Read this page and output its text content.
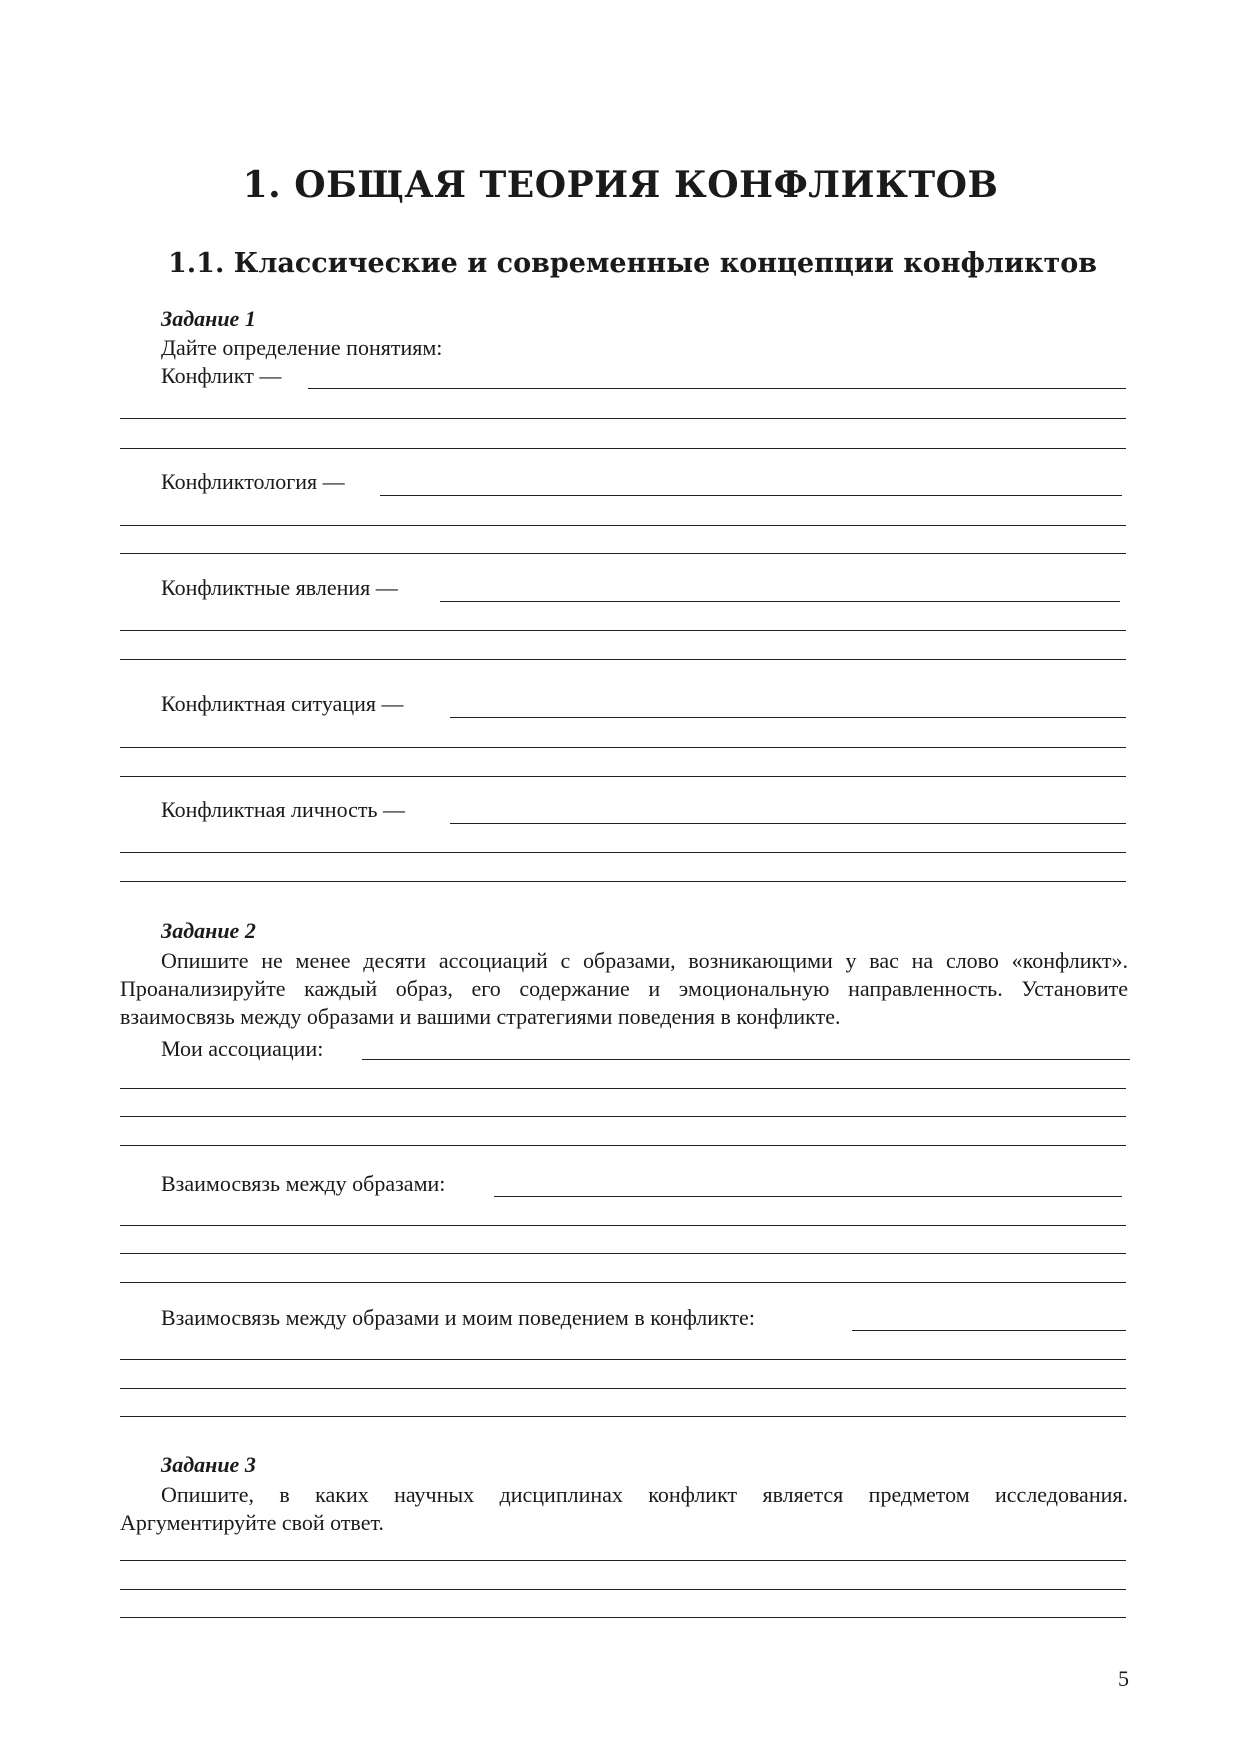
1. ОБЩАЯ ТЕОРИЯ КОНФЛИКТОВ
1.1. Классические и современные концепции конфликтов
Задание 1
Дайте определение понятиям:
Конфликт —
Конфликтология —
Конфликтные явления —
Конфликтная ситуация —
Конфликтная личность —
Задание 2
Опишите не менее десяти ассоциаций с образами, возникающими у вас на слово «конфликт». Проанализируйте каждый образ, его содержание и эмоциональную направленность. Установите взаимосвязь между образами и вашими стратегиями поведения в конфликте.
Мои ассоциации:
Взаимосвязь между образами:
Взаимосвязь между образами и моим поведением в конфликте:
Задание 3
Опишите, в каких научных дисциплинах конфликт является предметом исследования. Аргументируйте свой ответ.
5
